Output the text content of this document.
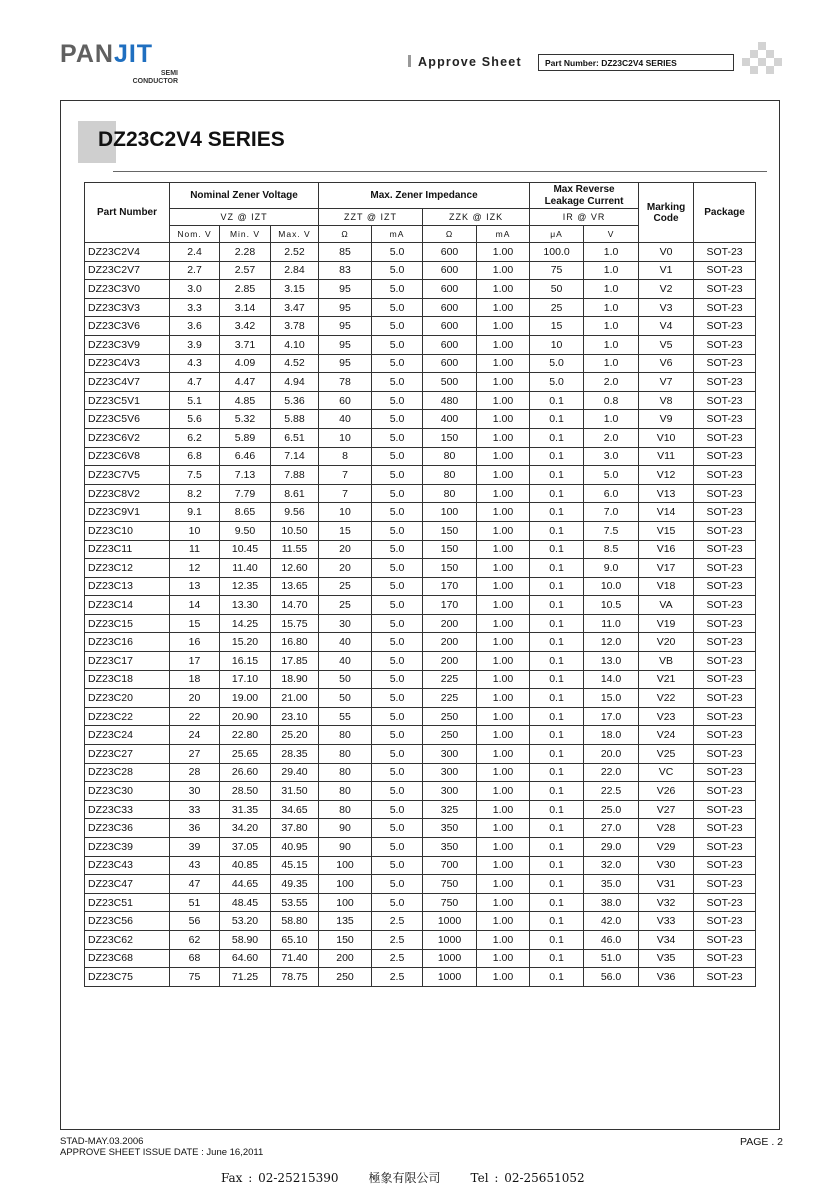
PANJIT
SEMI
CONDUCTOR
Approve Sheet	Part Number: DZ23C2V4 SERIES
DZ23C2V4 SERIES
Part Number	Nominal Zener Voltage			Max. Zener Impedance				Max Reverse
Leakage Current		Marking
Code	Package
	VZ @ IZT			ZZT @ IZT		ZZK @ IZK		IR @ VR			
	Nom. V	Min. V	Max. V	Ω	mA	Ω	mA	μA	V		
DZ23C2V4	2.4	2.28	2.52	85	5.0	600	1.00	100.0	1.0	V0	SOT-23
DZ23C2V7	2.7	2.57	2.84	83	5.0	600	1.00	75	1.0	V1	SOT-23
DZ23C3V0	3.0	2.85	3.15	95	5.0	600	1.00	50	1.0	V2	SOT-23
DZ23C3V3	3.3	3.14	3.47	95	5.0	600	1.00	25	1.0	V3	SOT-23
DZ23C3V6	3.6	3.42	3.78	95	5.0	600	1.00	15	1.0	V4	SOT-23
DZ23C3V9	3.9	3.71	4.10	95	5.0	600	1.00	10	1.0	V5	SOT-23
DZ23C4V3	4.3	4.09	4.52	95	5.0	600	1.00	5.0	1.0	V6	SOT-23
DZ23C4V7	4.7	4.47	4.94	78	5.0	500	1.00	5.0	2.0	V7	SOT-23
DZ23C5V1	5.1	4.85	5.36	60	5.0	480	1.00	0.1	0.8	V8	SOT-23
DZ23C5V6	5.6	5.32	5.88	40	5.0	400	1.00	0.1	1.0	V9	SOT-23
DZ23C6V2	6.2	5.89	6.51	10	5.0	150	1.00	0.1	2.0	V10	SOT-23
DZ23C6V8	6.8	6.46	7.14	8	5.0	80	1.00	0.1	3.0	V11	SOT-23
DZ23C7V5	7.5	7.13	7.88	7	5.0	80	1.00	0.1	5.0	V12	SOT-23
DZ23C8V2	8.2	7.79	8.61	7	5.0	80	1.00	0.1	6.0	V13	SOT-23
DZ23C9V1	9.1	8.65	9.56	10	5.0	100	1.00	0.1	7.0	V14	SOT-23
DZ23C10	10	9.50	10.50	15	5.0	150	1.00	0.1	7.5	V15	SOT-23
DZ23C11	11	10.45	11.55	20	5.0	150	1.00	0.1	8.5	V16	SOT-23
DZ23C12	12	11.40	12.60	20	5.0	150	1.00	0.1	9.0	V17	SOT-23
DZ23C13	13	12.35	13.65	25	5.0	170	1.00	0.1	10.0	V18	SOT-23
DZ23C14	14	13.30	14.70	25	5.0	170	1.00	0.1	10.5	VA	SOT-23
DZ23C15	15	14.25	15.75	30	5.0	200	1.00	0.1	11.0	V19	SOT-23
DZ23C16	16	15.20	16.80	40	5.0	200	1.00	0.1	12.0	V20	SOT-23
DZ23C17	17	16.15	17.85	40	5.0	200	1.00	0.1	13.0	VB	SOT-23
DZ23C18	18	17.10	18.90	50	5.0	225	1.00	0.1	14.0	V21	SOT-23
DZ23C20	20	19.00	21.00	50	5.0	225	1.00	0.1	15.0	V22	SOT-23
DZ23C22	22	20.90	23.10	55	5.0	250	1.00	0.1	17.0	V23	SOT-23
DZ23C24	24	22.80	25.20	80	5.0	250	1.00	0.1	18.0	V24	SOT-23
DZ23C27	27	25.65	28.35	80	5.0	300	1.00	0.1	20.0	V25	SOT-23
DZ23C28	28	26.60	29.40	80	5.0	300	1.00	0.1	22.0	VC	SOT-23
DZ23C30	30	28.50	31.50	80	5.0	300	1.00	0.1	22.5	V26	SOT-23
DZ23C33	33	31.35	34.65	80	5.0	325	1.00	0.1	25.0	V27	SOT-23
DZ23C36	36	34.20	37.80	90	5.0	350	1.00	0.1	27.0	V28	SOT-23
DZ23C39	39	37.05	40.95	90	5.0	350	1.00	0.1	29.0	V29	SOT-23
DZ23C43	43	40.85	45.15	100	5.0	700	1.00	0.1	32.0	V30	SOT-23
DZ23C47	47	44.65	49.35	100	5.0	750	1.00	0.1	35.0	V31	SOT-23
DZ23C51	51	48.45	53.55	100	5.0	750	1.00	0.1	38.0	V32	SOT-23
DZ23C56	56	53.20	58.80	135	2.5	1000	1.00	0.1	42.0	V33	SOT-23
DZ23C62	62	58.90	65.10	150	2.5	1000	1.00	0.1	46.0	V34	SOT-23
DZ23C68	68	64.60	71.40	200	2.5	1000	1.00	0.1	51.0	V35	SOT-23
DZ23C75	75	71.25	78.75	250	2.5	1000	1.00	0.1	56.0	V36	SOT-23
STAD-MAY.03.2006
APPROVE SHEET ISSUE DATE : June 16,2011
PAGE . 2
Fax : 02-25215390	極象有限公司	Tel : 02-25651052
